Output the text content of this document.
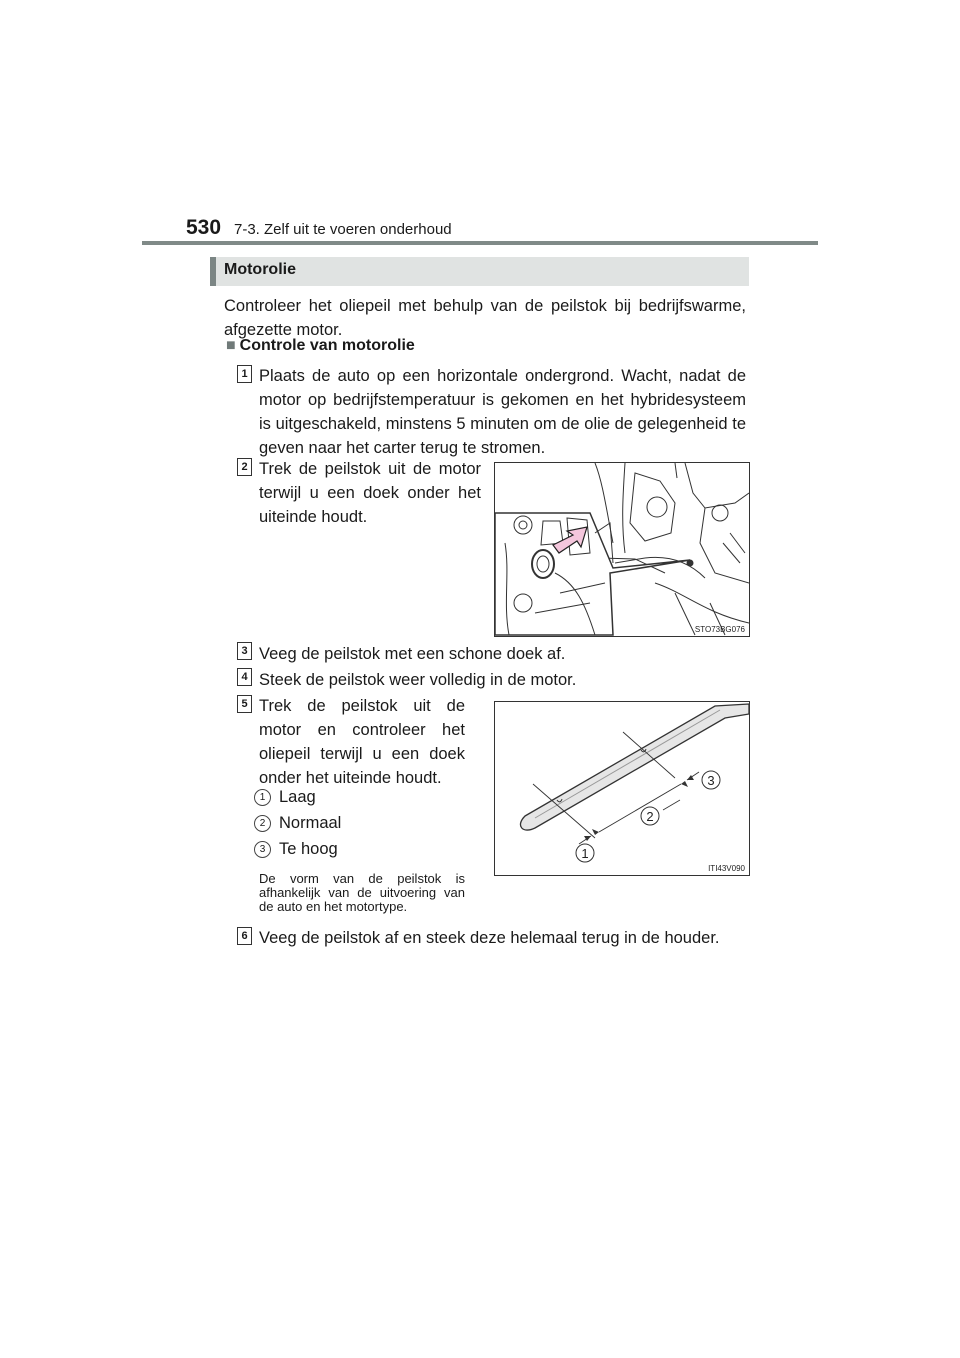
530 7-3. Zelf uit te voeren onderhoud
Motorolie
Controleer het oliepeil met behulp van de peilstok bij bedrijfswarme, afgezette motor.
■ Controle van motorolie
1 Plaats de auto op een horizontale ondergrond. Wacht, nadat de motor op bedrijfstemperatuur is gekomen en het hybridesysteem is uitgeschakeld, minstens 5 minuten om de olie de gelegenheid te geven naar het carter terug te stromen.
2 Trek de peilstok uit de motor terwijl u een doek onder het uiteinde houdt.
STO73BG076
3 Veeg de peilstok met een schone doek af.
4 Steek de peilstok weer volledig in de motor.
5 Trek de peilstok uit de motor en controleer het oliepeil terwijl u een doek onder het uiteinde houdt.
1 Laag
2 Normaal
3 Te hoog
De vorm van de peilstok is afhankelijk van de uitvoering van de auto en het motortype.
1
2
3
ITI43V090
6 Veeg de peilstok af en steek deze helemaal terug in de houder.
